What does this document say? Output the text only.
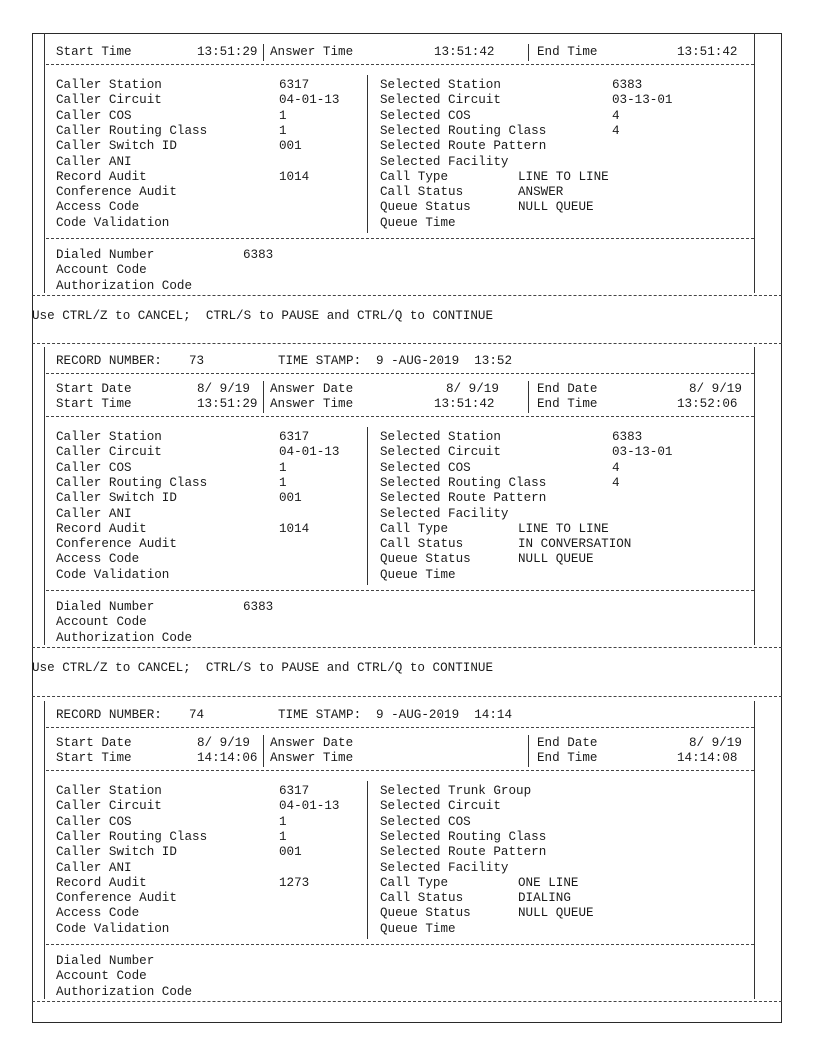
Start Time	13:51:29 Answer Time	13:51:42	End Time	13:51:42
Caller Station	6317
Caller Circuit	04-01-13
Caller COS	1
Caller Routing Class	1
Caller Switch ID	001
Caller ANI
Record Audit	1014
Conference Audit
Access Code
Code Validation
Selected Station	6383
Selected Circuit	03-13-01
Selected COS	4
Selected Routing Class	4
Selected Route Pattern
Selected Facility
Call Type	LINE TO LINE
Call Status	ANSWER
Queue Status	NULL QUEUE
Queue Time
Dialed Number	6383
Account Code
Authorization Code
Use CTRL/Z to CANCEL;  CTRL/S to PAUSE and CTRL/Q to CONTINUE
RECORD NUMBER: 73	TIME STAMP: 9 -AUG-2019  13:52
Start Date	8/ 9/19 Answer Date	8/ 9/19	End Date	8/ 9/19
Start Time	13:51:29 Answer Time	13:51:42	End Time	13:52:06
Caller Station	6317
Caller Circuit	04-01-13
Caller COS	1
Caller Routing Class	1
Caller Switch ID	001
Caller ANI
Record Audit	1014
Conference Audit
Access Code
Code Validation
Selected Station	6383
Selected Circuit	03-13-01
Selected COS	4
Selected Routing Class	4
Selected Route Pattern
Selected Facility
Call Type	LINE TO LINE
Call Status	IN CONVERSATION
Queue Status	NULL QUEUE
Queue Time
Dialed Number	6383
Account Code
Authorization Code
Use CTRL/Z to CANCEL;  CTRL/S to PAUSE and CTRL/Q to CONTINUE
RECORD NUMBER: 74	TIME STAMP: 9 -AUG-2019  14:14
Start Date	8/ 9/19 Answer Date	End Date	8/ 9/19
Start Time	14:14:06 Answer Time	End Time	14:14:08
Caller Station	6317
Caller Circuit	04-01-13
Caller COS	1
Caller Routing Class	1
Caller Switch ID	001
Caller ANI
Record Audit	1273
Conference Audit
Access Code
Code Validation
Selected Trunk Group
Selected Circuit
Selected COS
Selected Routing Class
Selected Route Pattern
Selected Facility
Call Type	ONE LINE
Call Status	DIALING
Queue Status	NULL QUEUE
Queue Time
Dialed Number
Account Code
Authorization Code
